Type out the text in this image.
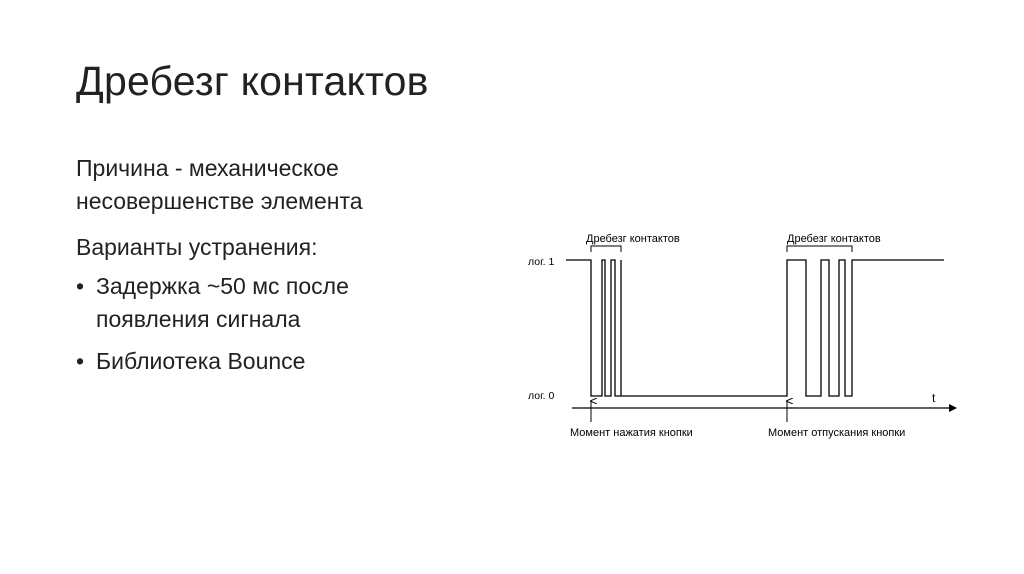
Дребезг контактов

Причина - механическое
несовершенстве элемента

Варианты устранения:

• Задержка ~50 мс после
появления сигнала
• Библиотека Bounce
t
лог. 1
лог. 0
Дребезг контактов	Дребезг контактов
Момент нажатия кнопки	Момент отпускания кнопки
